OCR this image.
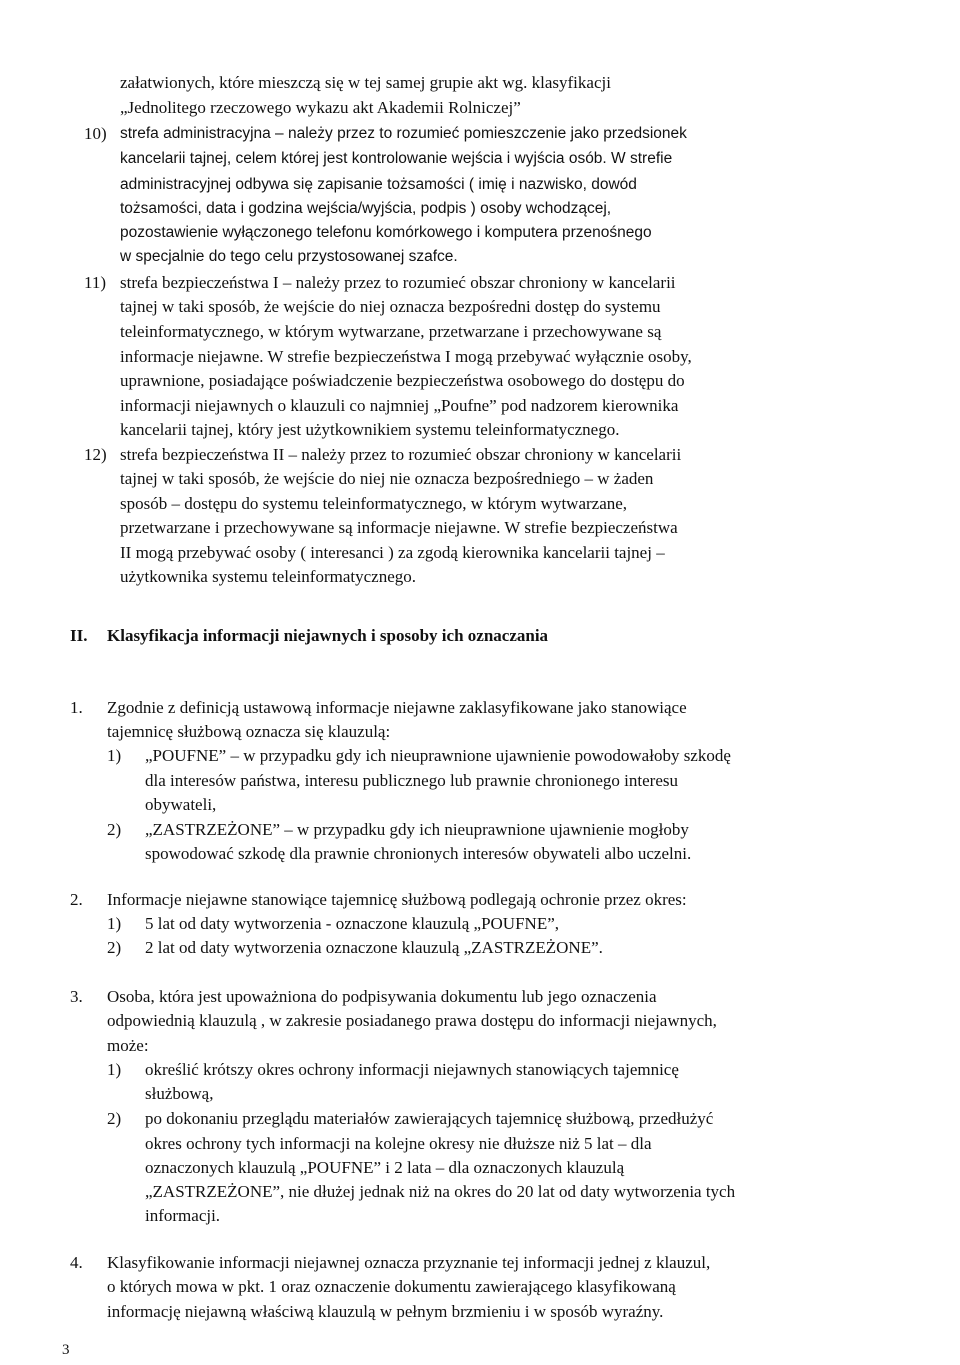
załatwionych, które mieszczą się w tej samej grupie akt wg. klasyfikacji
„Jednolitego rzeczowego wykazu akt Akademii Rolniczej”
10) strefa administracyjna – należy przez to rozumieć pomieszczenie jako przedsionek
kancelarii tajnej, celem której jest kontrolowanie wejścia i wyjścia osób. W strefie
administracyjnej odbywa się zapisanie tożsamości ( imię i nazwisko, dowód
tożsamości, data i godzina wejścia/wyjścia, podpis ) osoby wchodzącej,
pozostawienie wyłączonego telefonu komórkowego i komputera przenośnego
w specjalnie do tego celu przystosowanej szafce.
11) strefa bezpieczeństwa I – należy przez to rozumieć obszar chroniony w kancelarii
tajnej w taki sposób, że wejście do niej oznacza bezpośredni dostęp do systemu
teleinformatycznego, w którym wytwarzane, przetwarzane i przechowywane są
informacje niejawne. W strefie bezpieczeństwa I mogą przebywać wyłącznie osoby,
uprawnione, posiadające poświadczenie bezpieczeństwa osobowego do dostępu do
informacji niejawnych o klauzuli co najmniej „Poufne” pod nadzorem kierownika
kancelarii tajnej, który jest użytkownikiem systemu teleinformatycznego.
12) strefa bezpieczeństwa II – należy przez to rozumieć obszar chroniony w kancelarii
tajnej w taki sposób, że wejście do niej nie oznacza bezpośredniego – w żaden
sposób – dostępu do systemu teleinformatycznego, w którym wytwarzane,
przetwarzane i przechowywane są informacje niejawne. W strefie bezpieczeństwa
II mogą przebywać osoby ( interesanci ) za zgodą kierownika kancelarii tajnej –
użytkownika systemu teleinformatycznego.
II. Klasyfikacja informacji niejawnych i sposoby ich oznaczania
1. Zgodnie z definicją ustawową informacje niejawne zaklasyfikowane jako stanowiące
tajemnicę służbową oznacza się klauzulą:
1) „POUFNE” – w przypadku gdy ich nieuprawnione ujawnienie powodowałoby szkodę
dla interesów państwa, interesu publicznego lub prawnie chronionego interesu
obywateli,
2) „ZASTRZEŻONE” – w przypadku gdy ich nieuprawnione ujawnienie mogłoby
spowodować szkodę dla prawnie chronionych interesów obywateli albo uczelni.
2. Informacje niejawne stanowiące tajemnicę służbową podlegają ochronie przez okres:
1) 5 lat od daty wytworzenia - oznaczone klauzulą „POUFNE”,
2) 2 lat od daty wytworzenia oznaczone klauzulą „ZASTRZEŻONE”.
3. Osoba, która jest upoważniona do podpisywania dokumentu lub jego oznaczenia
odpowiednią klauzulą , w zakresie posiadanego prawa dostępu do informacji niejawnych,
może:
1) określić krótszy okres ochrony informacji niejawnych stanowiących tajemnicę
służbową,
2) po dokonaniu przeglądu materiałów zawierających tajemnicę służbową, przedłużyć
okres ochrony tych informacji na kolejne okresy nie dłuższe niż 5 lat – dla
oznaczonych klauzulą „POUFNE” i 2 lata – dla oznaczonych klauzulą
„ZASTRZEŻONE”, nie dłużej jednak niż na okres do 20 lat od daty wytworzenia tych
informacji.
4. Klasyfikowanie informacji niejawnej oznacza przyznanie tej informacji jednej z klauzul,
o których mowa w pkt. 1 oraz oznaczenie dokumentu zawierającego klasyfikowaną
informację niejawną właściwą klauzulą w pełnym brzmieniu i w sposób wyraźny.
3
